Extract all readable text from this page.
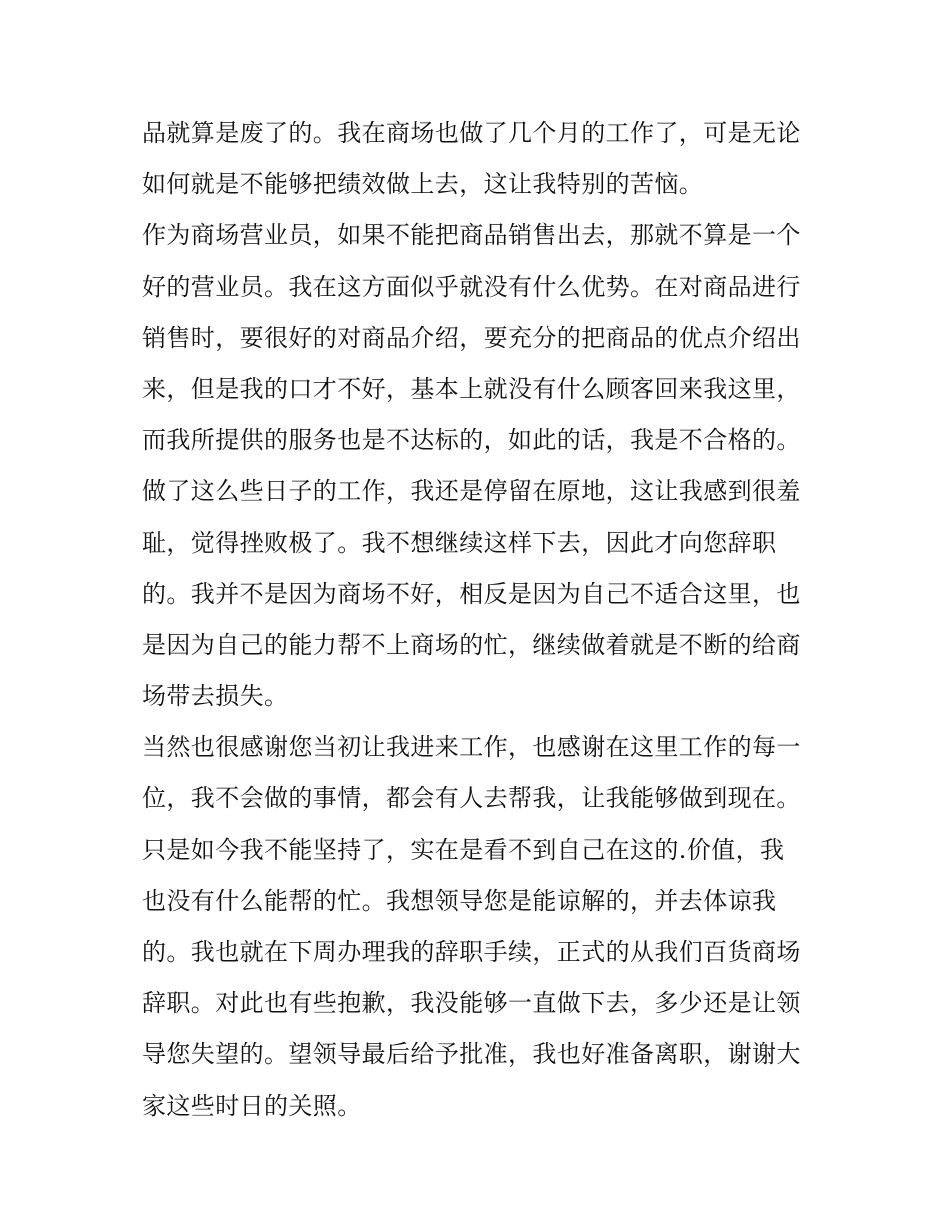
品就算是废了的。我在商场也做了几个月的工作了，可是无论
如何就是不能够把绩效做上去，这让我特别的苦恼。
作为商场营业员，如果不能把商品销售出去，那就不算是一个
好的营业员。我在这方面似乎就没有什么优势。在对商品进行
销售时，要很好的对商品介绍，要充分的把商品的优点介绍出
来，但是我的口才不好，基本上就没有什么顾客回来我这里，
而我所提供的服务也是不达标的，如此的话，我是不合格的。
做了这么些日子的工作，我还是停留在原地，这让我感到很羞
耻，觉得挫败极了。我不想继续这样下去，因此才向您辞职
的。我并不是因为商场不好，相反是因为自己不适合这里，也
是因为自己的能力帮不上商场的忙，继续做着就是不断的给商
场带去损失。
当然也很感谢您当初让我进来工作，也感谢在这里工作的每一
位，我不会做的事情，都会有人去帮我，让我能够做到现在。
只是如今我不能坚持了，实在是看不到自己在这的.价值，我
也没有什么能帮的忙。我想领导您是能谅解的，并去体谅我
的。我也就在下周办理我的辞职手续，正式的从我们百货商场
辞职。对此也有些抱歉，我没能够一直做下去，多少还是让领
导您失望的。望领导最后给予批准，我也好准备离职，谢谢大
家这些时日的关照。
